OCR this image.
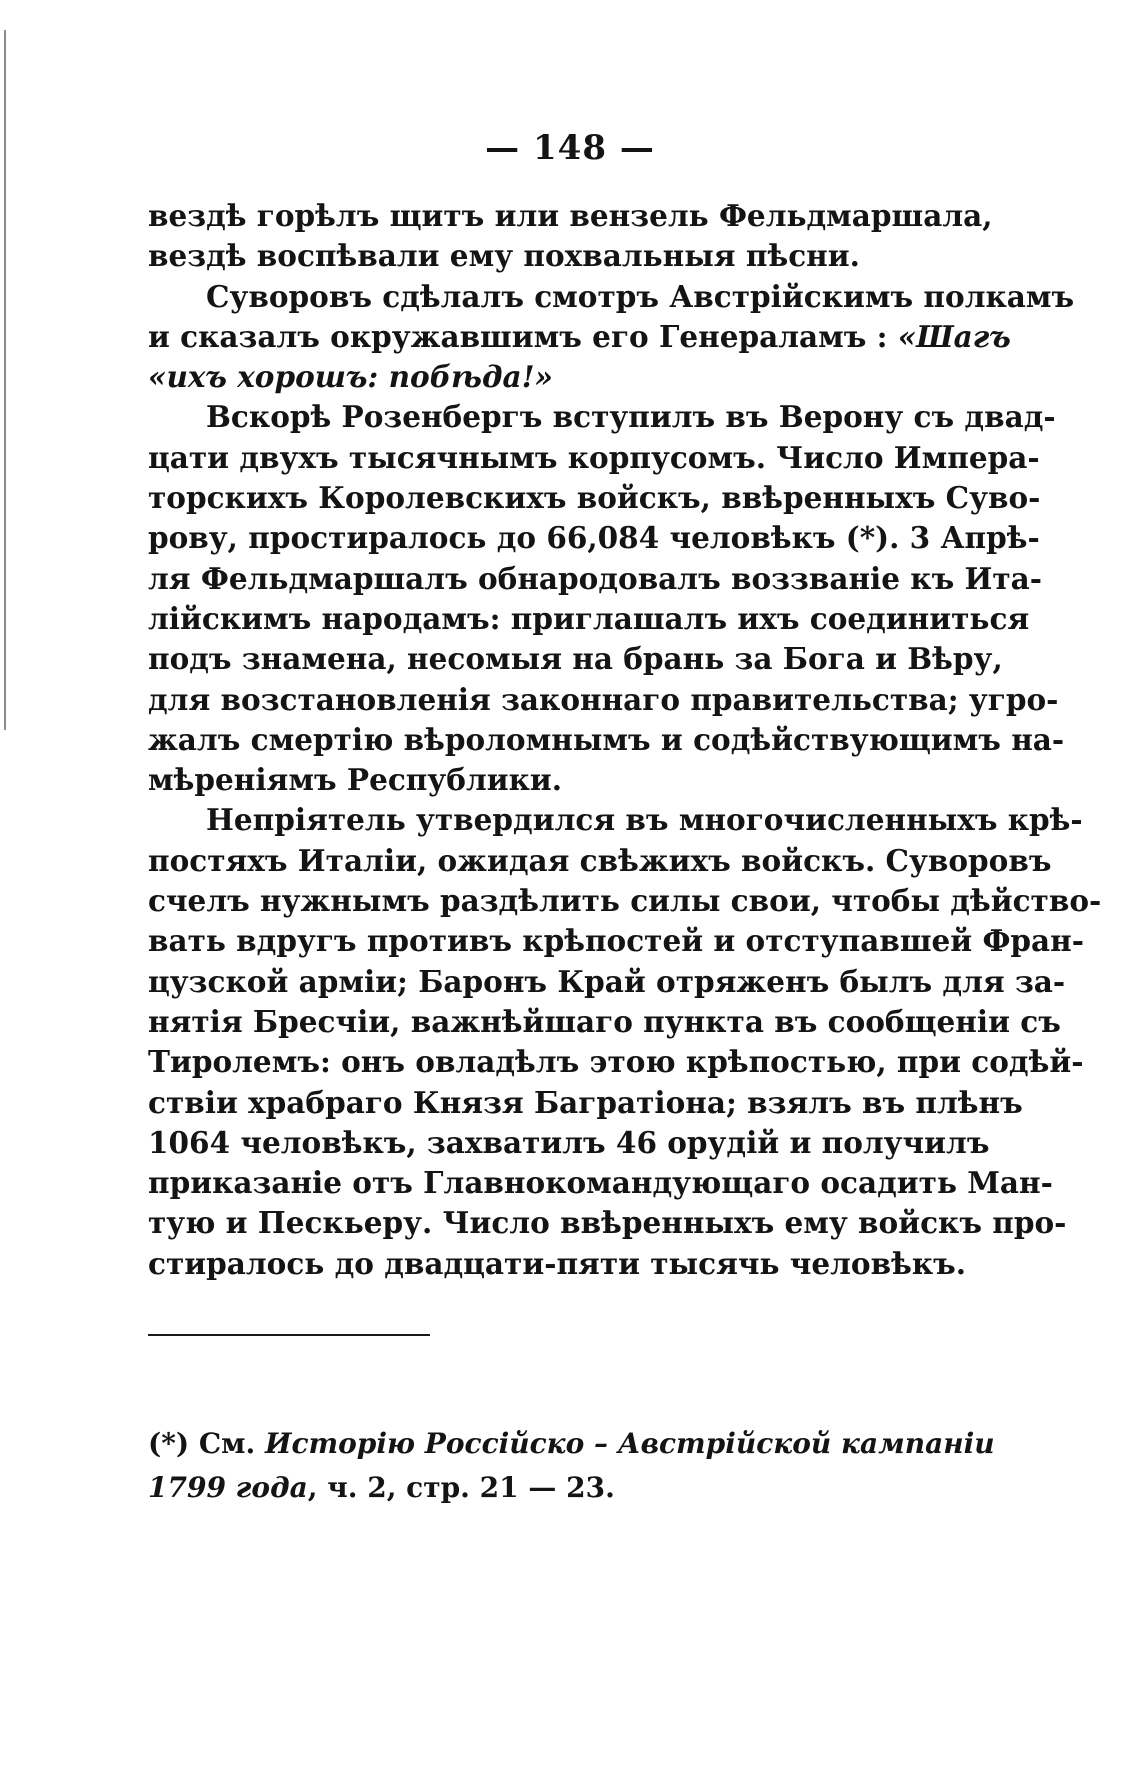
— 148 —
вездѣ горѣлъ щитъ или вензель Фельдмаршала,
вездѣ воспѣвали ему похвальныя пѣсни.
Суворовъ сдѣлалъ смотръ Австрійскимъ полкамъ
и сказалъ окружавшимъ его Генераламъ : «Шагъ
«ихъ хорошъ: побѣда!»
Вскорѣ Розенбергъ вступилъ въ Верону съ двад-
цати двухъ тысячнымъ корпусомъ. Число Импера-
торскихъ Королевскихъ войскъ, ввѣренныхъ Суво-
рову, простиралось до 66,084 человѣкъ (*). 3 Апрѣ-
ля Фельдмаршалъ обнародовалъ воззваніе къ Ита-
лійскимъ народамъ: приглашалъ ихъ соединиться
подъ знамена, несомыя на брань за Бога и Вѣру,
для возстановленія законнаго правительства; угро-
жалъ смертію вѣроломнымъ и содѣйствующимъ на-
мѣреніямъ Республики.
Непріятель утвердился въ многочисленныхъ крѣ-
постяхъ Италіи, ожидая свѣжихъ войскъ. Суворовъ
счелъ нужнымъ раздѣлить силы свои, чтобы дѣйство-
вать вдругъ противъ крѣпостей и отступавшей Фран-
цузской арміи; Баронъ Край отряженъ былъ для за-
нятія Бресчіи, важнѣйшаго пункта въ сообщеніи съ
Тиролемъ: онъ овладѣлъ этою крѣпостью, при содѣй-
ствіи храбраго Князя Багратіона; взялъ въ плѣнъ
1064 человѣкъ, захватилъ 46 орудій и получилъ
приказаніе отъ Главнокомандующаго осадить Ман-
тую и Пескьеру. Число ввѣренныхъ ему войскъ про-
стиралось до двадцати-пяти тысячь человѣкъ.
(*) См. Исторію Россійско – Австрійской кампаніи
1799 года, ч. 2, стр. 21 — 23.
